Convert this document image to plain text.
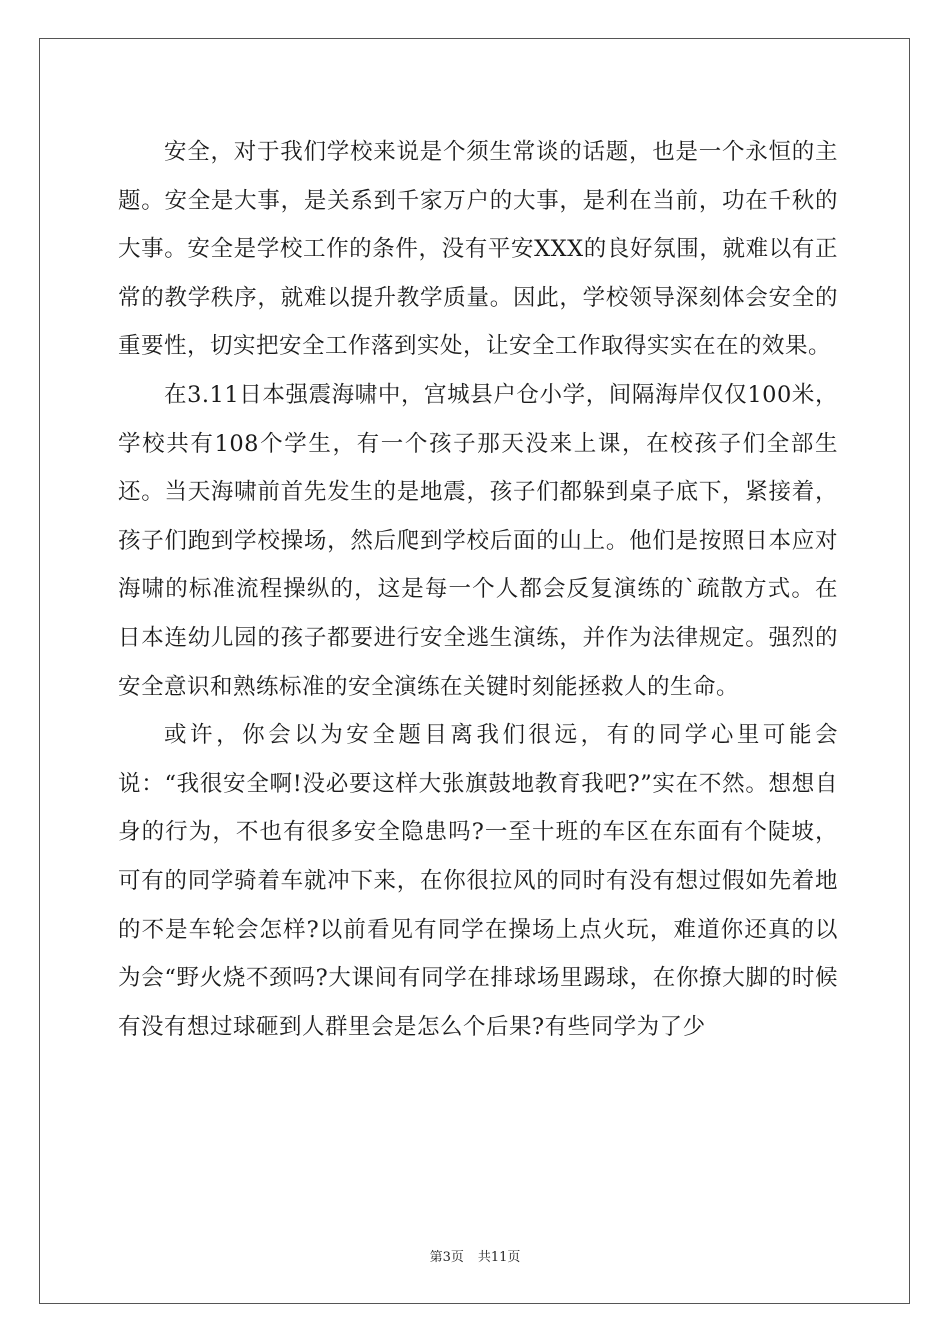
安全，对于我们学校来说是个须生常谈的话题，也是一个永恒的主题。安全是大事，是关系到千家万户的大事，是利在当前，功在千秋的大事。安全是学校工作的条件，没有平安XXX的良好氛围，就难以有正常的教学秩序，就难以提升教学质量。因此，学校领导深刻体会安全的重要性，切实把安全工作落到实处，让安全工作取得实实在在的效果。

在3.11日本强震海啸中，宫城县户仓小学，间隔海岸仅仅100米，学校共有108个学生，有一个孩子那天没来上课，在校孩子们全部生还。当天海啸前首先发生的是地震，孩子们都躲到桌子底下，紧接着，孩子们跑到学校操场，然后爬到学校后面的山上。他们是按照日本应对海啸的标准流程操纵的，这是每一个人都会反复演练的`疏散方式。在日本连幼儿园的孩子都要进行安全逃生演练，并作为法律规定。强烈的安全意识和熟练标准的安全演练在关键时刻能拯救人的生命。

或许，你会以为安全题目离我们很远，有的同学心里可能会说：“我很安全啊!没必要这样大张旗鼓地教育我吧?”实在不然。想想自身的行为，不也有很多安全隐患吗?一至十班的车区在东面有个陡坡，可有的同学骑着车就冲下来，在你很拉风的同时有没有想过假如先着地的不是车轮会怎样?以前看见有同学在操场上点火玩，难道你还真的以为会“野火烧不颈吗?大课间有同学在排球场里踢球，在你撩大脚的时候有没有想过球砸到人群里会是怎么个后果?有些同学为了少

第3页 共11页
